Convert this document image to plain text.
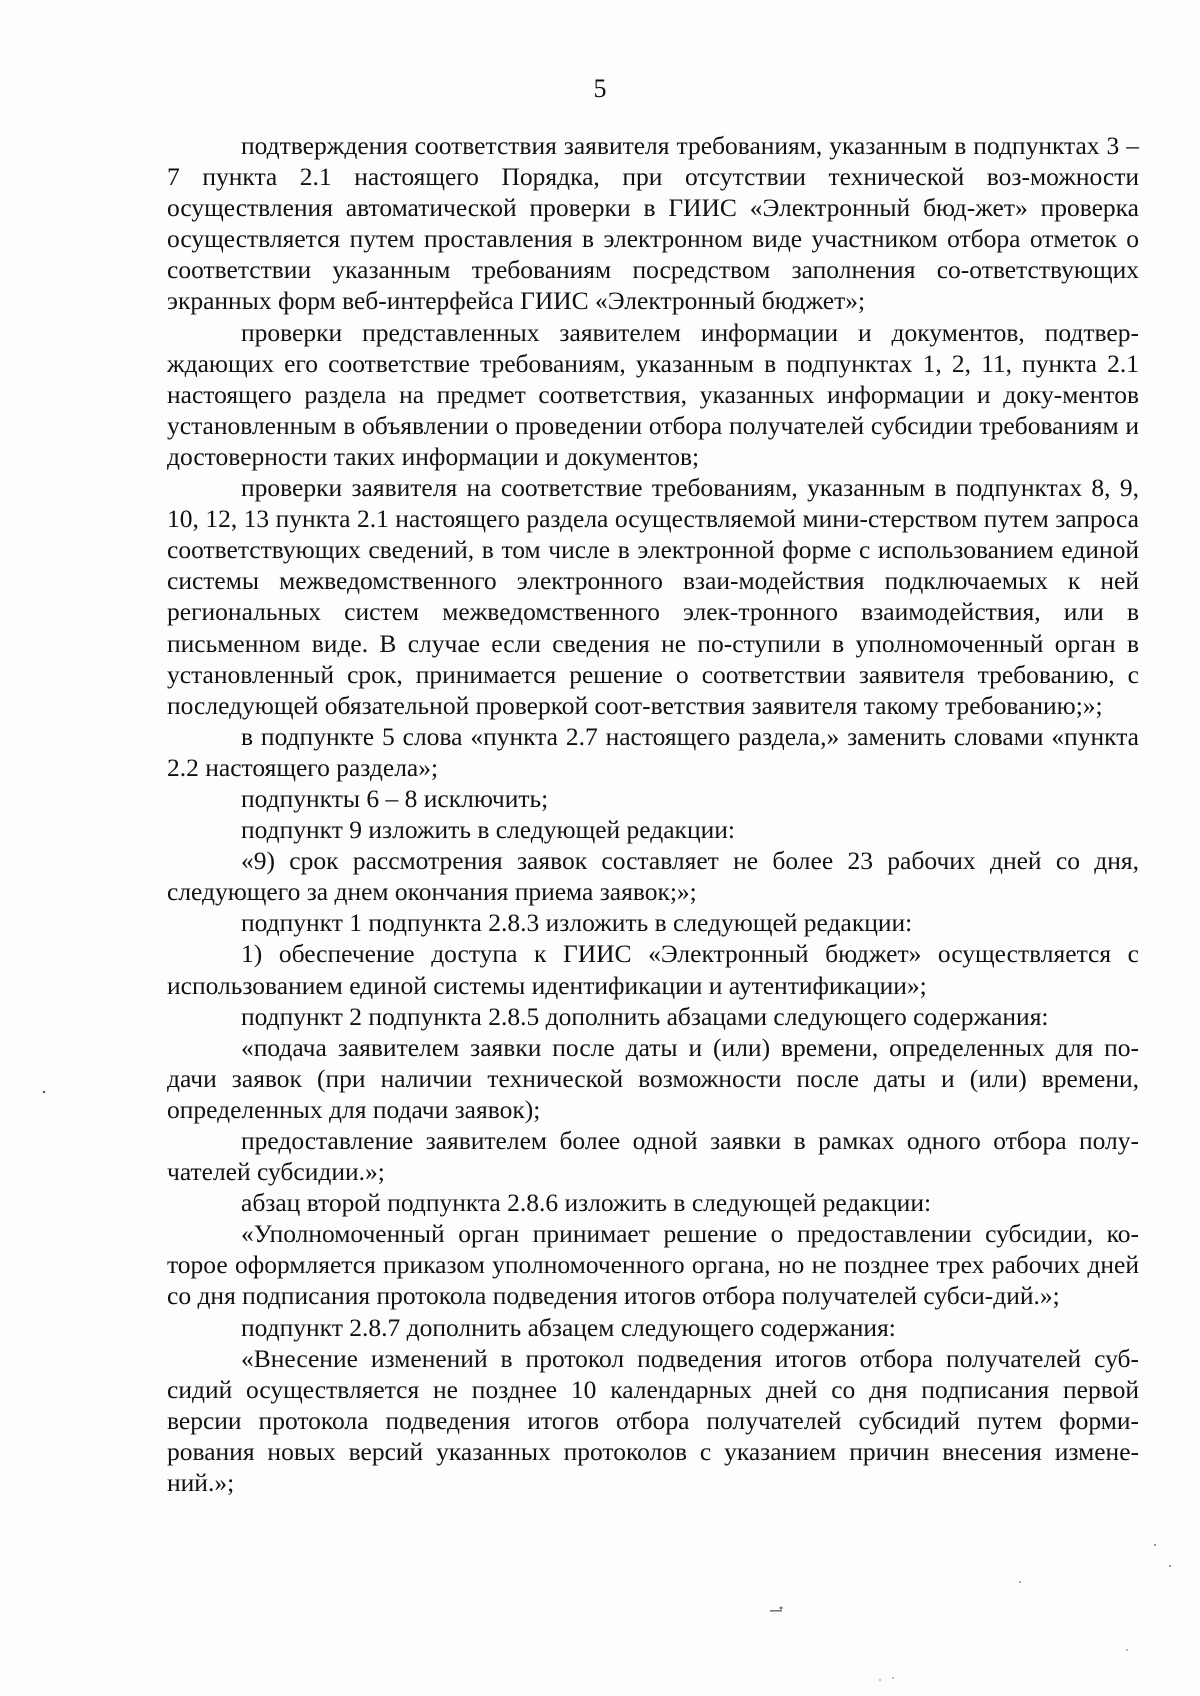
5

подтверждения соответствия заявителя требованиям, указанным в подпунктах 3 – 7 пункта 2.1 настоящего Порядка, при отсутствии технической воз-можности осуществления автоматической проверки в ГИИС «Электронный бюд-жет» проверка осуществляется путем проставления в электронном виде участником отбора отметок о соответствии указанным требованиям посредством заполнения со-ответствующих экранных форм веб-интерфейса ГИИС «Электронный бюджет»;

проверки представленных заявителем информации и документов, подтвер-ждающих его соответствие требованиям, указанным в подпунктах 1, 2, 11, пункта 2.1 настоящего раздела на предмет соответствия, указанных информации и доку-ментов установленным в объявлении о проведении отбора получателей субсидии требованиям и достоверности таких информации и документов;

проверки заявителя на соответствие требованиям, указанным в подпунктах 8, 9, 10, 12, 13 пункта 2.1 настоящего раздела осуществляемой мини-стерством путем запроса соответствующих сведений, в том числе в электронной форме с использованием единой системы межведомственного электронного взаи-модействия подключаемых к ней региональных систем межведомственного элек-тронного взаимодействия, или в письменном виде. В случае если сведения не по-ступили в уполномоченный орган в установленный срок, принимается решение о соответствии заявителя требованию, с последующей обязательной проверкой соот-ветствия заявителя такому требованию;»;

в подпункте 5 слова «пункта 2.7 настоящего раздела,» заменить словами «пункта 2.2 настоящего раздела»;

подпункты 6 – 8 исключить;

подпункт 9 изложить в следующей редакции:

«9) срок рассмотрения заявок составляет не более 23 рабочих дней со дня, следующего за днем окончания приема заявок;»;

подпункт 1 подпункта 2.8.3 изложить в следующей редакции:

1) обеспечение доступа к ГИИС «Электронный бюджет» осуществляется с использованием единой системы идентификации и аутентификации»;

подпункт 2 подпункта 2.8.5 дополнить абзацами следующего содержания:

«подача заявителем заявки после даты и (или) времени, определенных для по-дачи заявок (при наличии технической возможности после даты и (или) времени, определенных для подачи заявок);

предоставление заявителем более одной заявки в рамках одного отбора полу-чателей субсидии.»;

абзац второй подпункта 2.8.6 изложить в следующей редакции:

«Уполномоченный орган принимает решение о предоставлении субсидии, ко-торое оформляется приказом уполномоченного органа, но не позднее трех рабочих дней со дня подписания протокола подведения итогов отбора получателей субси-дий.»;

подпункт 2.8.7 дополнить абзацем следующего содержания:

«Внесение изменений в протокол подведения итогов отбора получателей суб-сидий осуществляется не позднее 10 календарных дней со дня подписания первой версии протокола подведения итогов отбора получателей субсидий путем форми-рования новых версий указанных протоколов с указанием причин внесения измене-ний.»;
